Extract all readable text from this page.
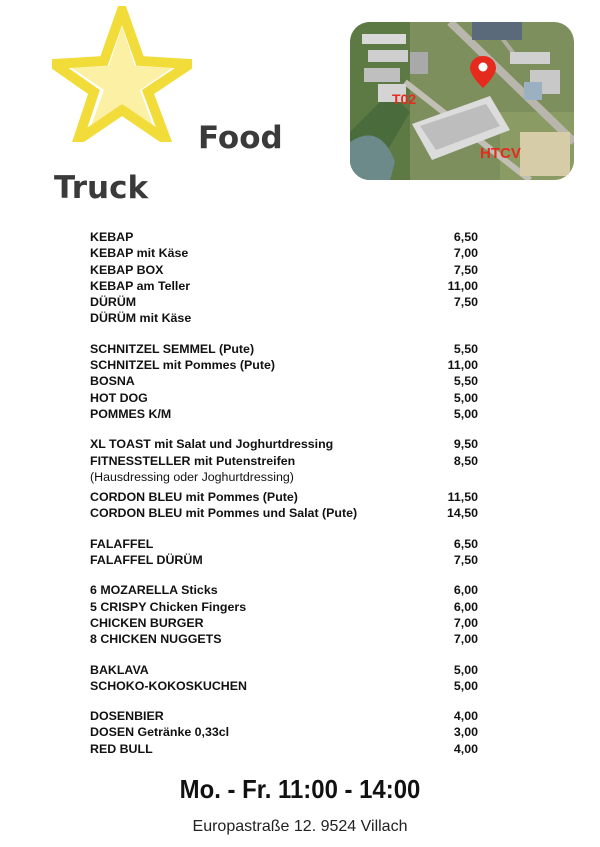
Food
Truck
T02
HTCV
KEBAP	6,50
KEBAP mit Käse	7,00
KEBAP BOX	7,50
KEBAP am Teller	11,00
DÜRÜM	7,50
DÜRÜM mit Käse
SCHNITZEL SEMMEL (Pute)	5,50
SCHNITZEL mit Pommes (Pute)	11,00
BOSNA	5,50
HOT DOG	5,00
POMMES K/M	5,00
XL TOAST mit Salat und Joghurtdressing	9,50
FITNESSTELLER mit Putenstreifen	8,50
(Hausdressing oder Joghurtdressing)
CORDON BLEU mit Pommes (Pute)	11,50
CORDON BLEU mit Pommes und Salat (Pute)	14,50
FALAFFEL	6,50
FALAFFEL DÜRÜM	7,50
6 MOZARELLA Sticks	6,00
5 CRISPY Chicken Fingers	6,00
CHICKEN BURGER	7,00
8 CHICKEN NUGGETS	7,00
BAKLAVA	5,00
SCHOKO-KOKOSKUCHEN	5,00
DOSENBIER	4,00
DOSEN Getränke 0,33cl	3,00
RED BULL	4,00
Mo. - Fr. 11:00 - 14:00
Europastraße 12. 9524 Villach
